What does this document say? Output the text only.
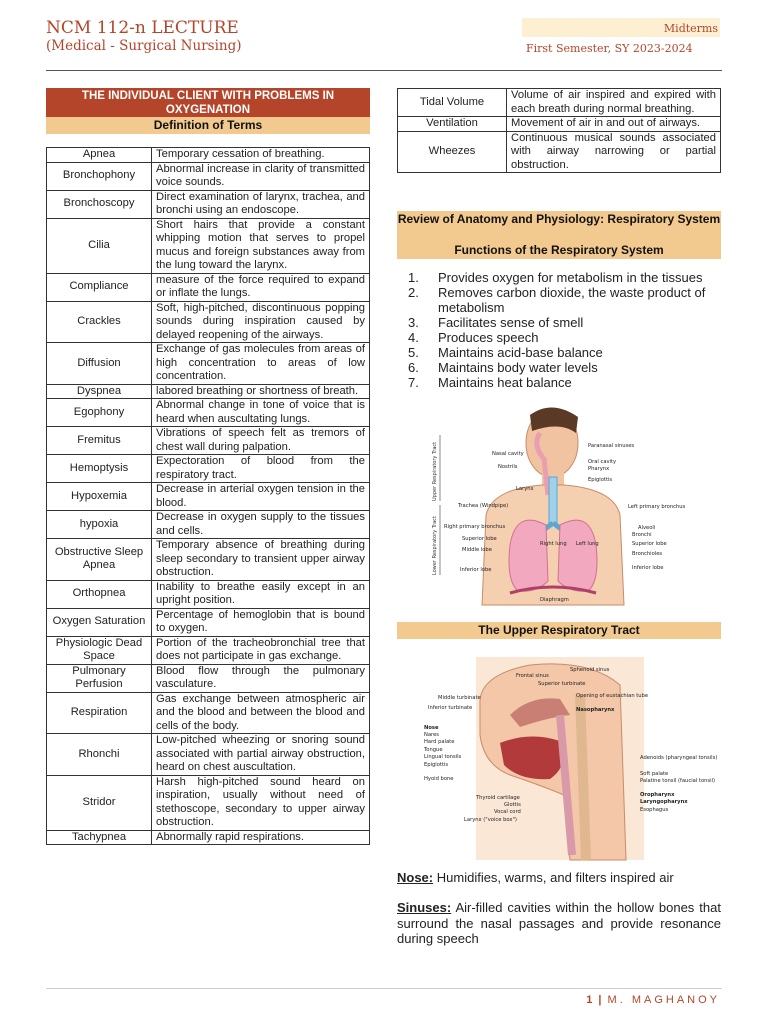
NCM 112-n LECTURE
(Medical - Surgical Nursing)
Midterms
First Semester, SY 2023-2024
THE INDIVIDUAL CLIENT WITH PROBLEMS IN OXYGENATION
Definition of Terms
Apnea	Temporary cessation of breathing.
Bronchophony	Abnormal increase in clarity of transmitted voice sounds.
Bronchoscopy	Direct examination of larynx, trachea, and bronchi using an endoscope.
Cilia	Short hairs that provide a constant whipping motion that serves to propel mucus and foreign substances away from the lung toward the larynx.
Compliance	measure of the force required to expand or inflate the lungs.
Crackles	Soft, high-pitched, discontinuous popping sounds during inspiration caused by delayed reopening of the airways.
Diffusion	Exchange of gas molecules from areas of high concentration to areas of low concentration.
Dyspnea	labored breathing or shortness of breath.
Egophony	Abnormal change in tone of voice that is heard when auscultating lungs.
Fremitus	Vibrations of speech felt as tremors of chest wall during palpation.
Hemoptysis	Expectoration of blood from the respiratory tract.
Hypoxemia	Decrease in arterial oxygen tension in the blood.
hypoxia	Decrease in oxygen supply to the tissues and cells.
Obstructive Sleep Apnea	Temporary absence of breathing during sleep secondary to transient upper airway obstruction.
Orthopnea	Inability to breathe easily except in an upright position.
Oxygen Saturation	Percentage of hemoglobin that is bound to oxygen.
Physiologic Dead Space	Portion of the tracheobronchial tree that does not participate in gas exchange.
Pulmonary Perfusion	Blood flow through the pulmonary vasculature.
Respiration	Gas exchange between atmospheric air and the blood and between the blood and cells of the body.
Rhonchi	Low-pitched wheezing or snoring sound associated with partial airway obstruction, heard on chest auscultation.
Stridor	Harsh high-pitched sound heard on inspiration, usually without need of stethoscope, secondary to upper airway obstruction.
Tachypnea	Abnormally rapid respirations.
Tidal Volume	Volume of air inspired and expired with each breath during normal breathing.
Ventilation	Movement of air in and out of airways.
Wheezes	Continuous musical sounds associated with airway narrowing or partial obstruction.
Review of Anatomy and Physiology: Respiratory System
Functions of the Respiratory System
1.	Provides oxygen for metabolism in the tissues
2.	Removes carbon dioxide, the waste product of metabolism
3.	Facilitates sense of smell
4.	Produces speech
5.	Maintains acid-base balance
6.	Maintains body water levels
7.	Maintains heat balance
Upper Respiratory Tract
Lower Respiratory Tract
Nasal cavity
Nostrils
Larynx
Trachea (Windpipe)
Right primary bronchus
Superior lobe
Middle lobe
Inferior lobe
Right lung Left lung
Diaphragm
Paranasal sinuses
Oral cavity
Pharynx
Epiglottis
Left primary bronchus
Alveoli
Bronchi
Superior lobe
Bronchioles
Inferior lobe
The Upper Respiratory Tract
Frontal sinus
Superior turbinate
Sphenoid sinus
Opening of eustachian tube
Nasopharynx
Middle turbinate
Inferior turbinate
Nose
Nares
Hard palate
Tongue
Lingual tonsils
Epiglottis
Hyoid bone
Thyroid cartilage
Glottis
Vocal cord
Larynx ("voice box")
Adenoids (pharyngeal tonsils)
Soft palate
Palatine tonsil (faucial tonsil)
Oropharynx
Laryngopharynx
Esophagus
Nose: Humidifies, warms, and filters inspired air
Sinuses: Air-filled cavities within the hollow bones that surround the nasal passages and provide resonance during speech
1 | M. MAGHANOY
